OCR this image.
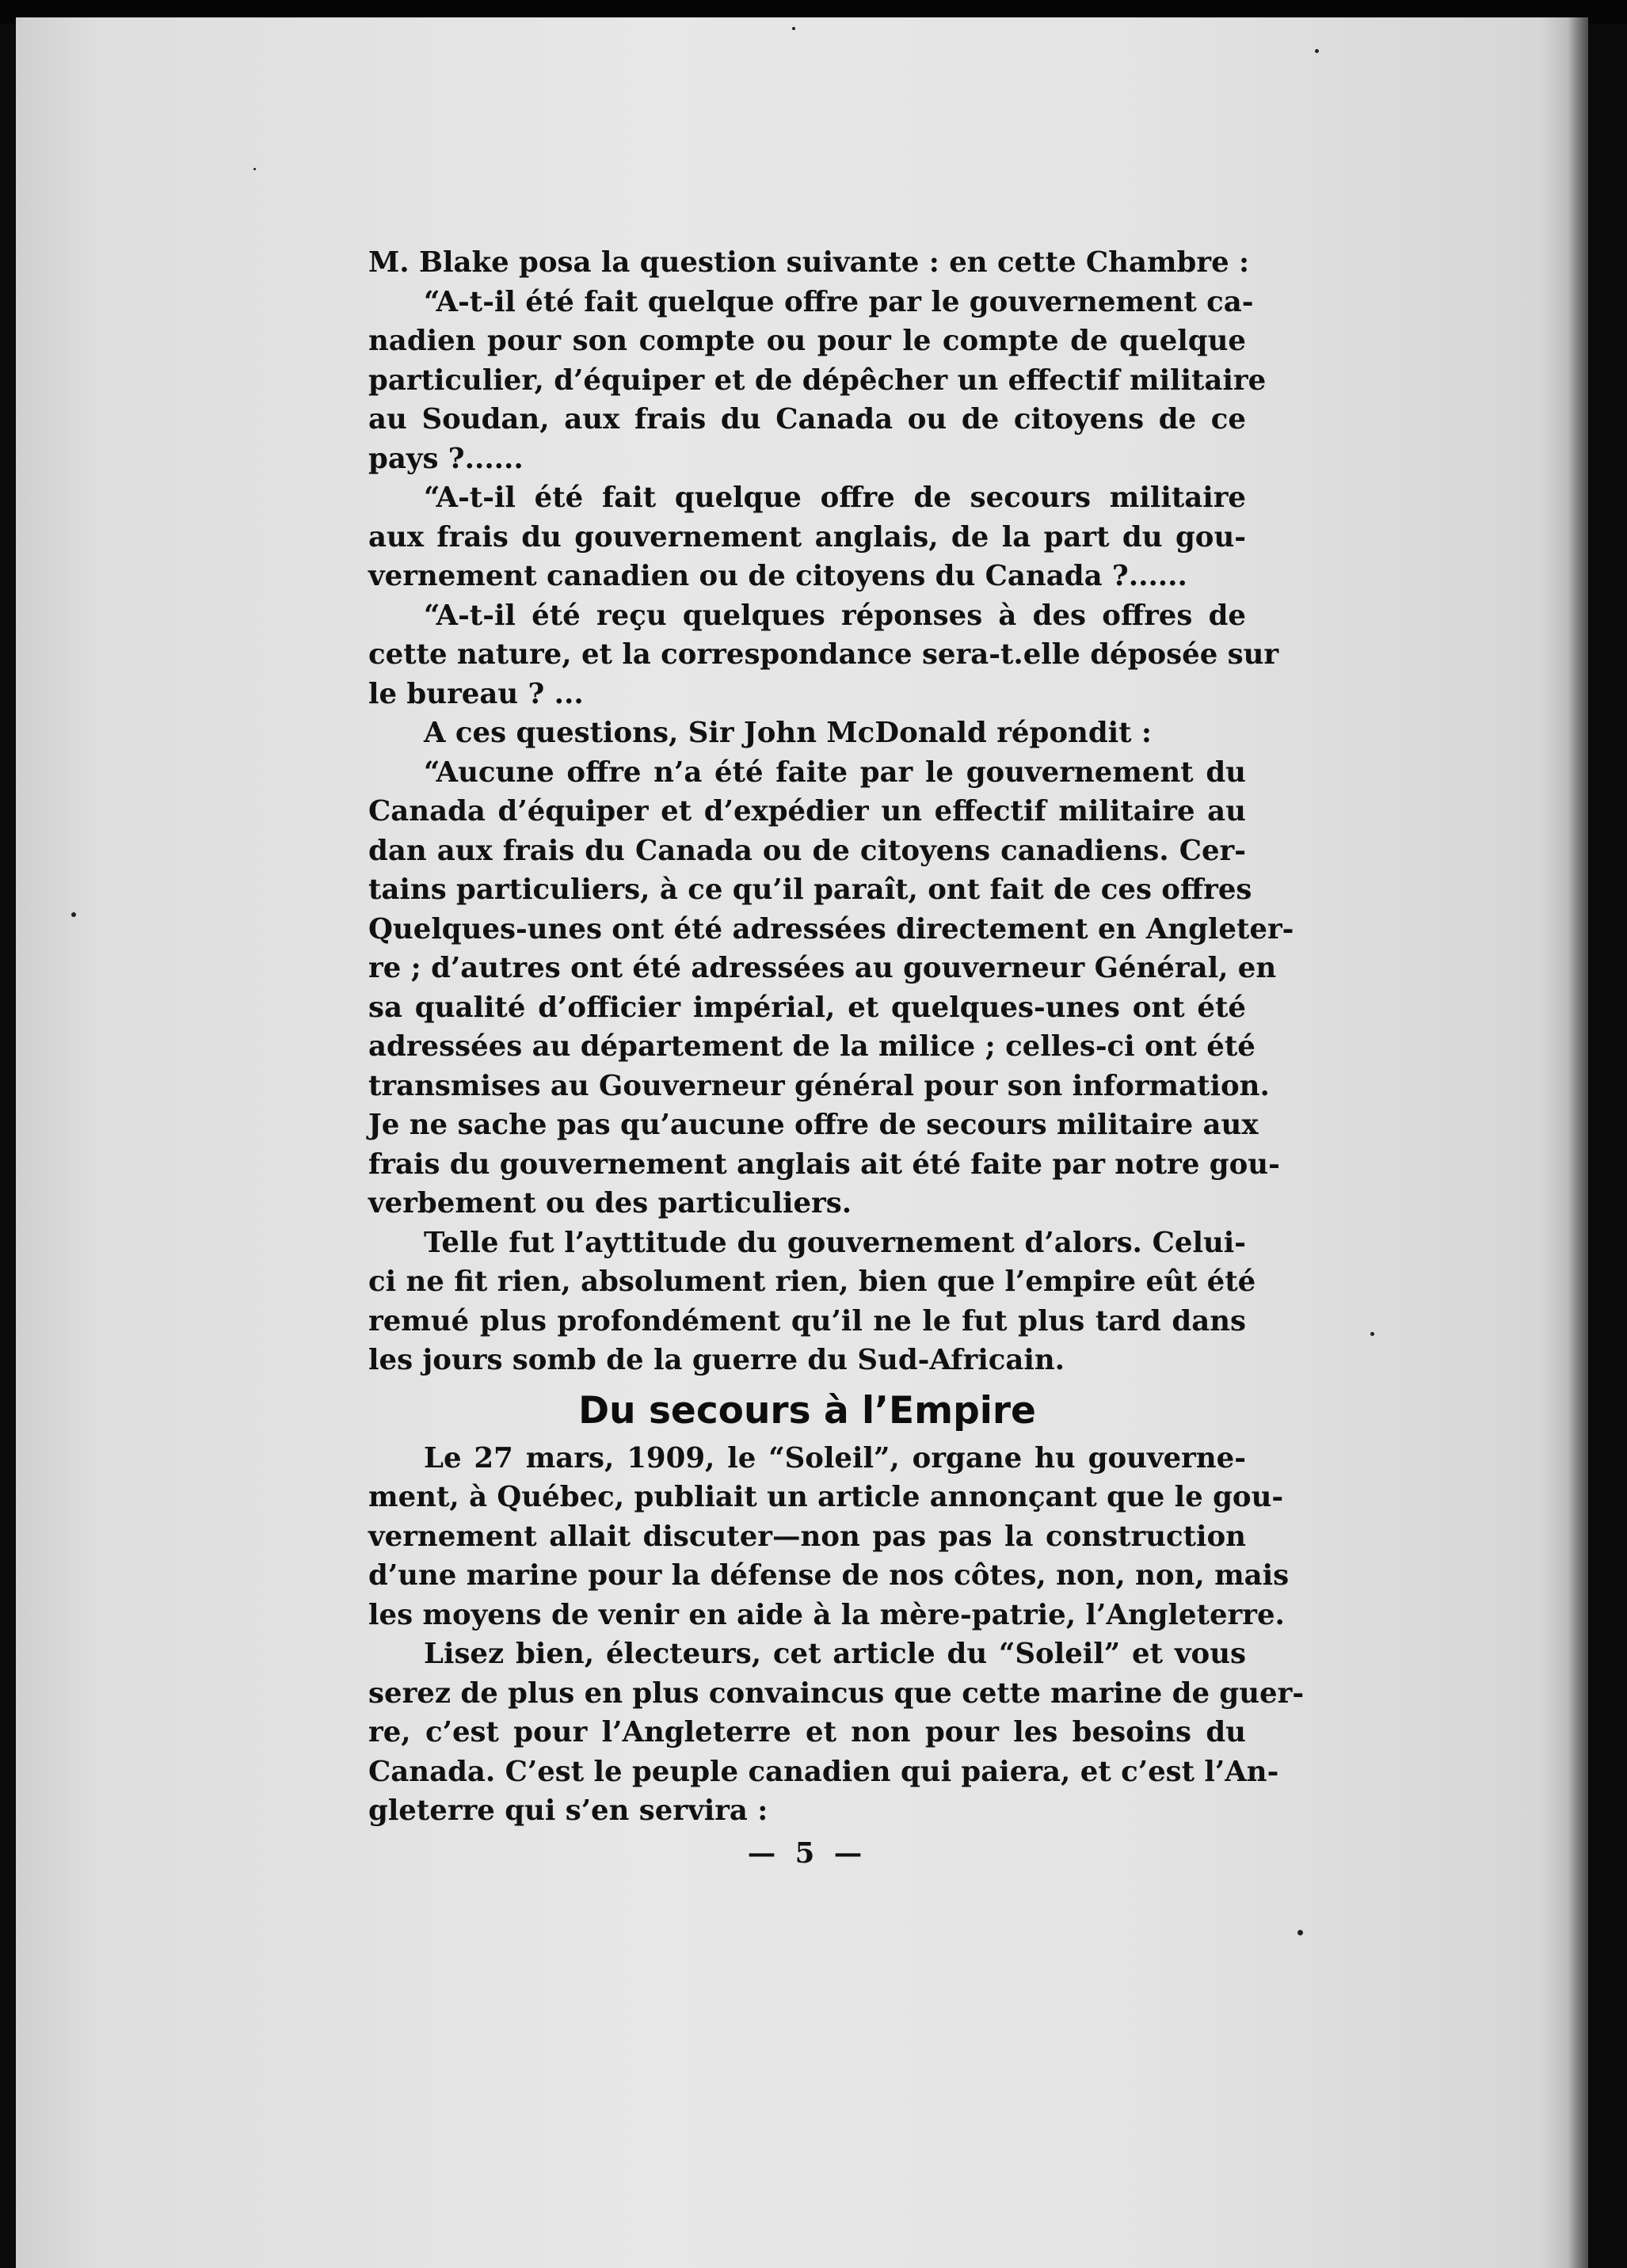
M. Blake posa la question suivante : en cette Chambre :
“A-t-il été fait quelque offre par le gouvernement ca-
nadien pour son compte ou pour le compte de quelque
particulier, d’équiper et de dépêcher un effectif militaire
au Soudan, aux frais du Canada ou de citoyens de ce
pays ?......
“A-t-il été fait quelque offre de secours militaire
aux frais du gouvernement anglais, de la part du gou-
vernement canadien ou de citoyens du Canada ?......
“A-t-il été reçu quelques réponses à des offres de
cette nature, et la correspondance sera-t.elle déposée sur
le bureau ? ...
A ces questions, Sir John McDonald répondit :
“Aucune offre n’a été faite par le gouvernement du
Canada d’équiper et d’expédier un effectif militaire au
dan aux frais du Canada ou de citoyens canadiens. Cer-
tains particuliers, à ce qu’il paraît, ont fait de ces offres
Quelques-unes ont été adressées directement en Angleter-
re ; d’autres ont été adressées au gouverneur Général, en
sa qualité d’officier impérial, et quelques-unes ont été
adressées au département de la milice ; celles-ci ont été
transmises au Gouverneur général pour son information.
Je ne sache pas qu’aucune offre de secours militaire aux
frais du gouvernement anglais ait été faite par notre gou-
verbement ou des particuliers.
Telle fut l’ayttitude du gouvernement d’alors. Celui-
ci ne fit rien, absolument rien, bien que l’empire eût été
remué plus profondément qu’il ne le fut plus tard dans
les jours somb de la guerre du Sud-Africain.
Du secours à l’Empire
Le 27 mars, 1909, le “Soleil”, organe hu gouverne-
ment, à Québec, publiait un article annonçant que le gou-
vernement allait discuter—non pas pas la construction
d’une marine pour la défense de nos côtes, non, non, mais
les moyens de venir en aide à la mère-patrie, l’Angleterre.
Lisez bien, électeurs, cet article du “Soleil” et vous
serez de plus en plus convaincus que cette marine de guer-
re, c’est pour l’Angleterre et non pour les besoins du
Canada. C’est le peuple canadien qui paiera, et c’est l’An-
gleterre qui s’en servira :
— 5 —
